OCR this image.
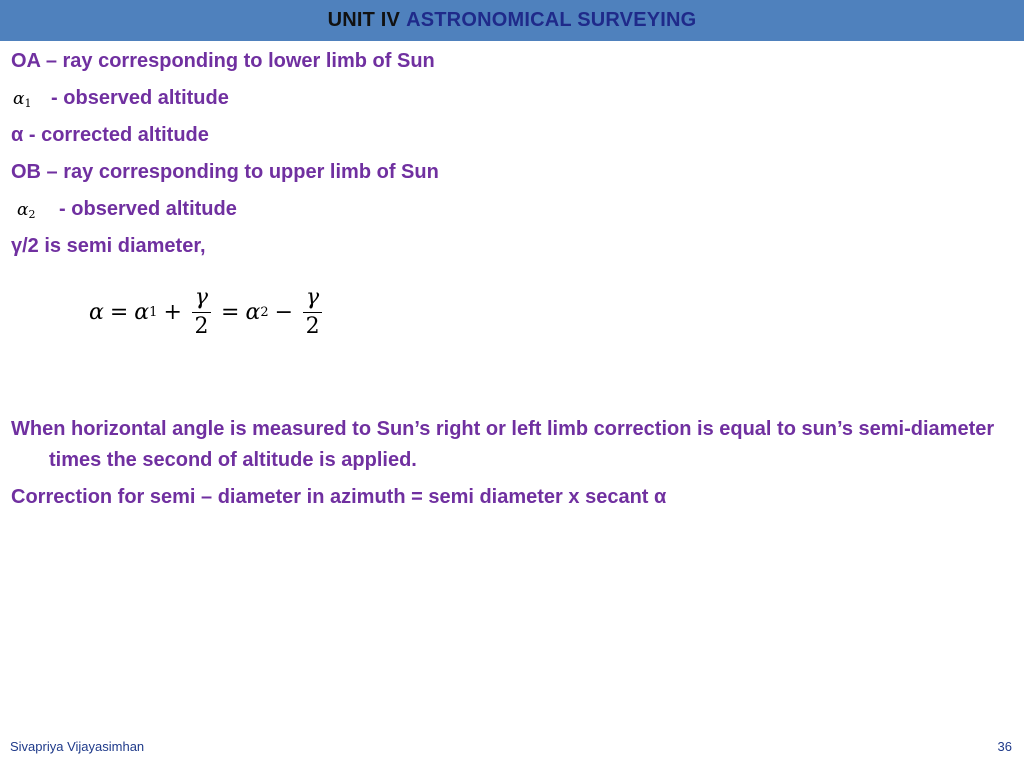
UNIT IV ASTRONOMICAL SURVEYING
OA – ray corresponding to lower limb of Sun
$\alpha_1$ - observed altitude
α - corrected altitude
OB – ray corresponding to upper limb of Sun
$\alpha_2$ - observed altitude
γ/2 is semi diameter,
α = α $1 + \frac{\gamma}{2} = \alpha$ $2 - \frac{\gamma}{2}$
When horizontal angle is measured to Sun’s right or left limb correction is equal to sun’s semi-diameter times the second of altitude is applied.
Correction for semi – diameter in azimuth = semi diameter x secant α
Sivapriya Vijayasimhan	36
